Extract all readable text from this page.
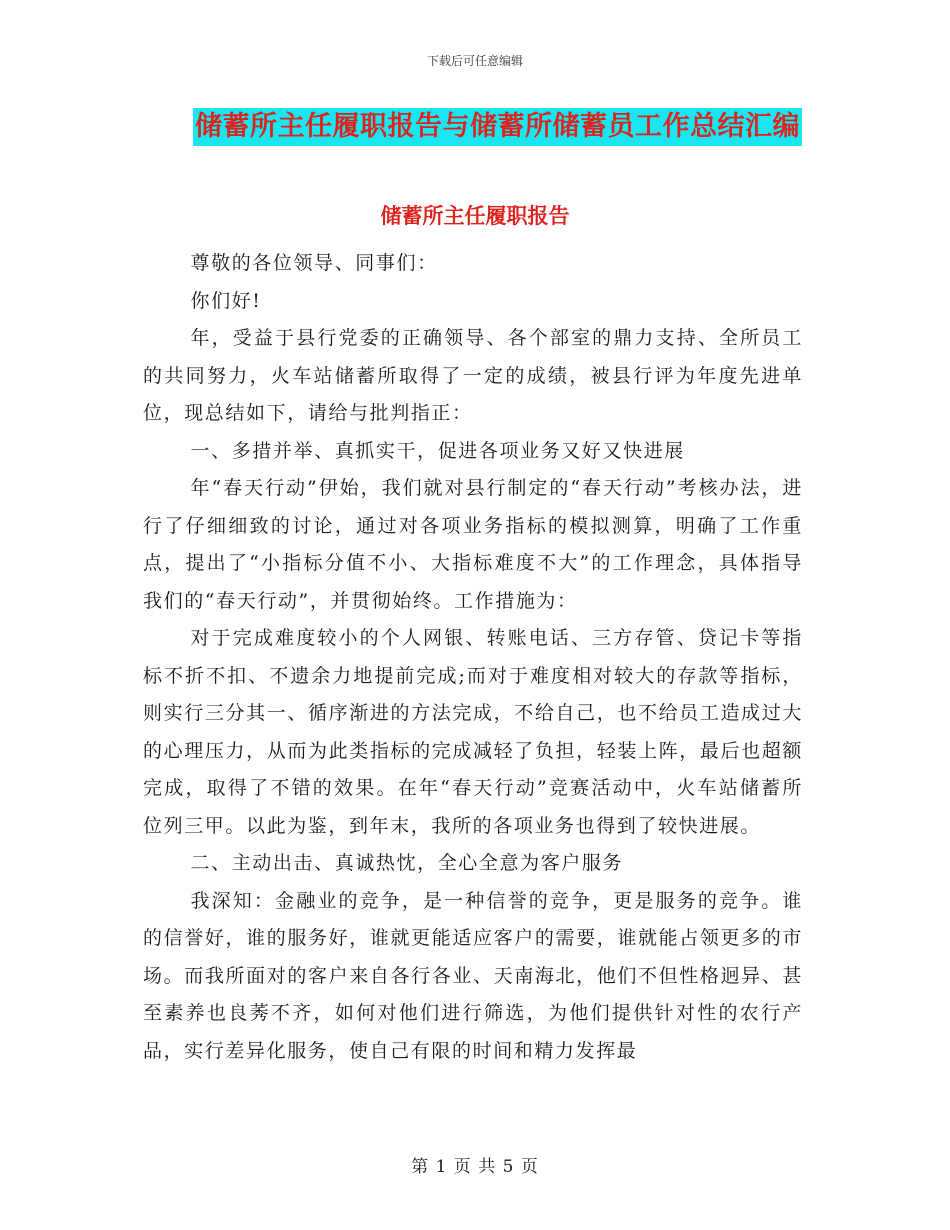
下载后可任意编辑
储蓄所主任履职报告与储蓄所储蓄员工作总结汇编
储蓄所主任履职报告

尊敬的各位领导、同事们：

你们好!

年，受益于县行党委的正确领导、各个部室的鼎力支持、全所员工的共同努力，火车站储蓄所取得了一定的成绩，被县行评为年度先进单位，现总结如下，请给与批判指正：

一、多措并举、真抓实干，促进各项业务又好又快进展

年“春天行动”伊始，我们就对县行制定的“春天行动”考核办法，进行了仔细细致的讨论，通过对各项业务指标的模拟测算，明确了工作重点，提出了“小指标分值不小、大指标难度不大”的工作理念，具体指导我们的“春天行动”，并贯彻始终。工作措施为：

对于完成难度较小的个人网银、转账电话、三方存管、贷记卡等指标不折不扣、不遗余力地提前完成;而对于难度相对较大的存款等指标，则实行三分其一、循序渐进的方法完成，不给自己，也不给员工造成过大的心理压力，从而为此类指标的完成减轻了负担，轻装上阵，最后也超额完成，取得了不错的效果。在年“春天行动”竞赛活动中，火车站储蓄所位列三甲。以此为鉴，到年末，我所的各项业务也得到了较快进展。

二、主动出击、真诚热忱，全心全意为客户服务

我深知：金融业的竞争，是一种信誉的竞争，更是服务的竞争。谁的信誉好，谁的服务好，谁就更能适应客户的需要，谁就能占领更多的市场。而我所面对的客户来自各行各业、天南海北，他们不但性格迥异、甚至素养也良莠不齐，如何对他们进行筛选，为他们提供针对性的农行产品，实行差异化服务，使自己有限的时间和精力发挥最

第 1 页 共 5 页
